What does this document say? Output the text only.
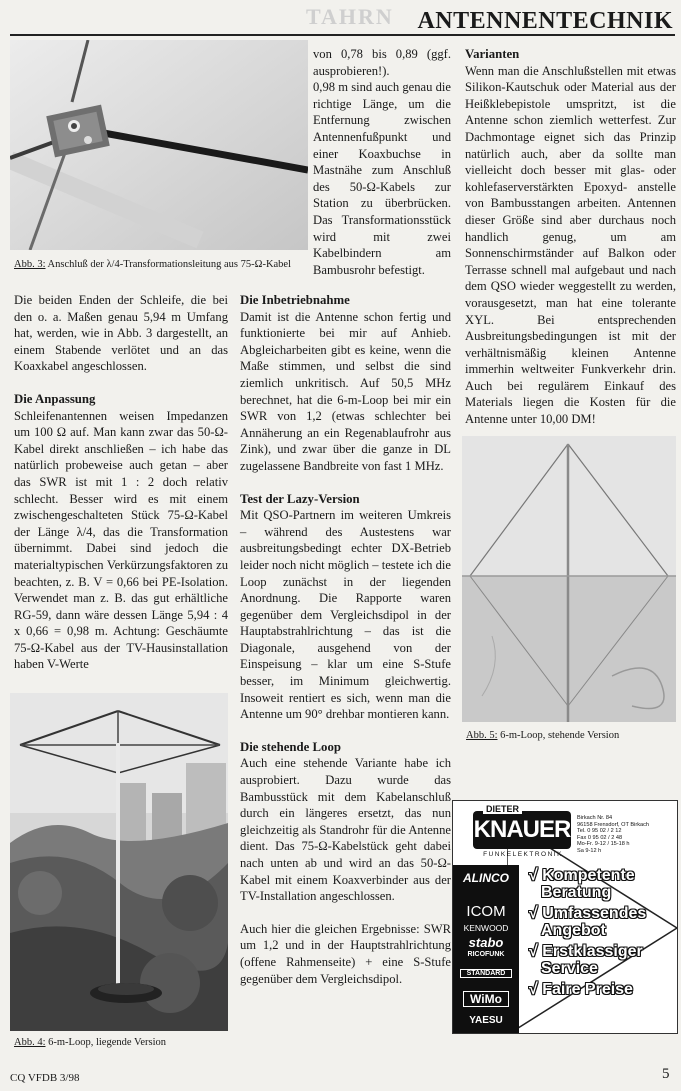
TAHRN ANTENNENTECHNIK
Abb. 3: Anschluß der λ/4-Transformationsleitung aus 75-Ω-Kabel

von 0,78 bis 0,89 (ggf. ausprobieren!).

0,98 m sind auch genau die richtige Länge, um die Entfernung zwischen Antennenfußpunkt und einer Koaxbuchse in Mastnähe zum Anschluß des 50-Ω-Kabels zur Station zu überbrücken. Das Transformationsstück wird mit zwei Kabelbindern am Bambusrohr befestigt.

Die beiden Enden der Schleife, die bei den o. a. Maßen genau 5,94 m Umfang hat, werden, wie in Abb. 3 dargestellt, an einem Stabende verlötet und an das Koaxkabel angeschlossen.

Die Anpassung

Schleifenantennen weisen Impedanzen um 100 Ω auf. Man kann zwar das 50-Ω-Kabel direkt anschließen – ich habe das natürlich probeweise auch getan – aber das SWR ist mit 1 : 2 doch relativ schlecht. Besser wird es mit einem zwischengeschalteten Stück 75-Ω-Kabel der Länge λ/4, das die Transformation übernimmt. Dabei sind jedoch die materialtypischen Verkürzungsfaktoren zu beachten, z. B. V = 0,66 bei PE-Isolation. Verwendet man z. B. das gut erhältliche RG-59, dann wäre dessen Länge 5,94 : 4 x 0,66 = 0,98 m. Achtung: Geschäumte 75-Ω-Kabel aus der TV-Hausinstallation haben V-Werte

Abb. 4: 6-m-Loop, liegende Version
Die Inbetriebnahme

Damit ist die Antenne schon fertig und funktionierte bei mir auf Anhieb. Abgleicharbeiten gibt es keine, wenn die Maße stimmen, und selbst die sind ziemlich unkritisch. Auf 50,5 MHz berechnet, hat die 6-m-Loop bei mir ein SWR von 1,2 (etwas schlechter bei Annäherung an ein Regenablaufrohr aus Zink), und zwar über die ganze in DL zugelassene Bandbreite von fast 1 MHz.

Test der Lazy-Version

Mit QSO-Partnern im weiteren Umkreis – während des Austestens war ausbreitungsbedingt echter DX-Betrieb leider noch nicht möglich – testete ich die Loop zunächst in der liegenden Anordnung. Die Rapporte waren gegenüber dem Vergleichsdipol in der Hauptabstrahlrichtung – das ist die Diagonale, ausgehend von der Einspeisung – klar um eine S-Stufe besser, im Minimum gleichwertig. Insoweit rentiert es sich, wenn man die Antenne um 90° drehbar montieren kann.

Die stehende Loop

Auch eine stehende Variante habe ich ausprobiert. Dazu wurde das Bambusstück mit dem Kabelanschluß durch ein längeres ersetzt, das nun gleichzeitig als Standrohr für die Antenne dient. Das 75-Ω-Kabelstück geht dabei nach unten ab und wird an das 50-Ω-Kabel mit einem Koaxverbinder aus der TV-Installation angeschlossen.

Auch hier die gleichen Ergebnisse: SWR um 1,2 und in der Hauptstrahlrichtung (offene Rahmenseite) + eine S-Stufe gegenüber dem Vergleichsdipol.

Varianten

Wenn man die Anschlußstellen mit etwas Silikon-Kautschuk oder Material aus der Heißklebepistole umspritzt, ist die Antenne schon ziemlich wetterfest. Zur Dachmontage eignet sich das Prinzip natürlich auch, aber da sollte man vielleicht doch besser mit glas- oder kohlefaserverstärkten Epoxyd- anstelle von Bambusstangen arbeiten. Antennen dieser Größe sind aber durchaus noch handlich genug, um am Sonnenschirmständer auf Balkon oder Terrasse schnell mal aufgebaut und nach dem QSO wieder weggestellt zu werden, vorausgesetzt, man hat eine tolerante XYL. Bei entsprechenden Ausbreitungsbedingungen ist mit der verhältnismäßig kleinen Antenne immerhin weltweiter Funkverkehr drin. Auch bei regulärem Einkauf des Materials liegen die Kosten für die Antenne unter 10,00 DM!

Abb. 5: 6-m-Loop, stehende Version
KNAUER
DIETER
FUNKELEKTRONIK
Birkach Nr. 84
96158 Frensdorf, OT Birkach
Tel. 0 95 02 / 2 12
Fax 0 95 02 / 2 48
Mo-Fr. 9-12 / 15-18 h
Sa 9-12 h
ALINCO
ICOM
KENWOOD
stabo
RICOFUNK
STANDARD
WiMo
YAESU
√ Kompetente
Beratung
√ Umfassendes
Angebot
√ Erstklassiger
Service
√ Faire Preise
CQ VFDB 3/98	5
